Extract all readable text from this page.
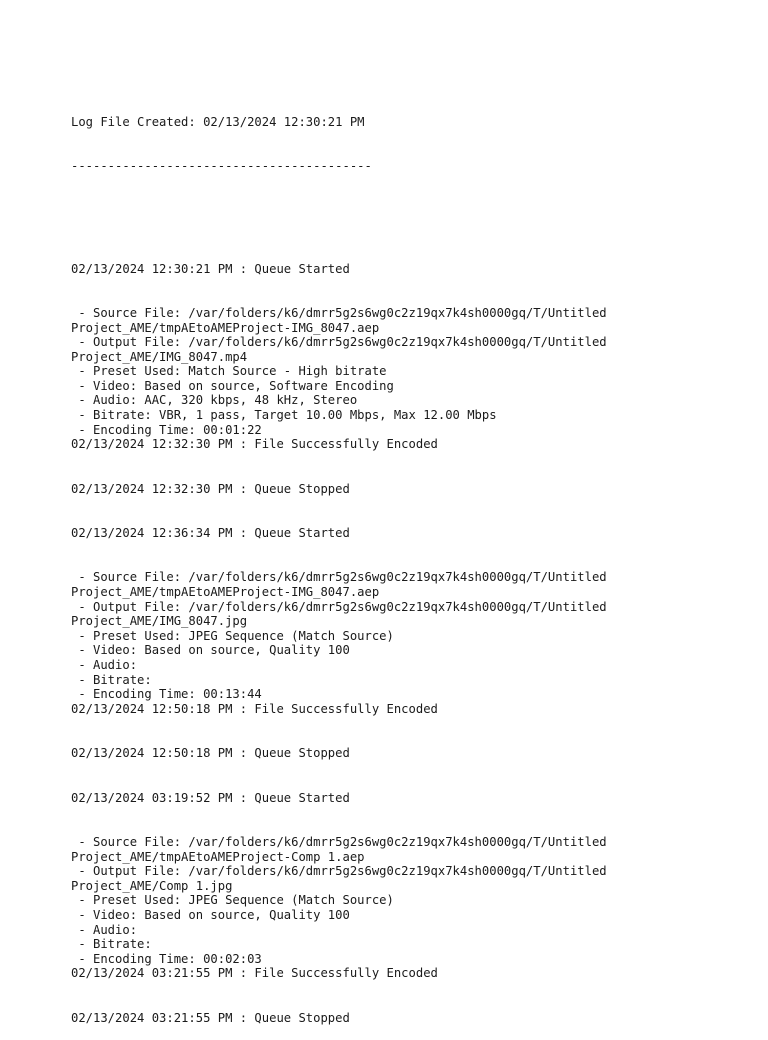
Log File Created: 02/13/2024 12:30:21 PM

-----------------------------------------

02/13/2024 12:30:21 PM : Queue Started
- Source File: /var/folders/k6/dmrr5g2s6wg0c2z19qx7k4sh0000gq/T/Untitled
Project_AME/tmpAEtoAMEProject-IMG_8047.aep
- Output File: /var/folders/k6/dmrr5g2s6wg0c2z19qx7k4sh0000gq/T/Untitled
Project_AME/IMG_8047.mp4
- Preset Used: Match Source - High bitrate
- Video: Based on source, Software Encoding
- Audio: AAC, 320 kbps, 48 kHz, Stereo
- Bitrate: VBR, 1 pass, Target 10.00 Mbps, Max 12.00 Mbps
- Encoding Time: 00:01:22
02/13/2024 12:32:30 PM : File Successfully Encoded
02/13/2024 12:32:30 PM : Queue Stopped
02/13/2024 12:36:34 PM : Queue Started
- Source File: /var/folders/k6/dmrr5g2s6wg0c2z19qx7k4sh0000gq/T/Untitled
Project_AME/tmpAEtoAMEProject-IMG_8047.aep
- Output File: /var/folders/k6/dmrr5g2s6wg0c2z19qx7k4sh0000gq/T/Untitled
Project_AME/IMG_8047.jpg
- Preset Used: JPEG Sequence (Match Source)
- Video: Based on source, Quality 100
- Audio:
- Bitrate:
- Encoding Time: 00:13:44
02/13/2024 12:50:18 PM : File Successfully Encoded
02/13/2024 12:50:18 PM : Queue Stopped
02/13/2024 03:19:52 PM : Queue Started
- Source File: /var/folders/k6/dmrr5g2s6wg0c2z19qx7k4sh0000gq/T/Untitled
Project_AME/tmpAEtoAMEProject-Comp 1.aep
- Output File: /var/folders/k6/dmrr5g2s6wg0c2z19qx7k4sh0000gq/T/Untitled
Project_AME/Comp 1.jpg
- Preset Used: JPEG Sequence (Match Source)
- Video: Based on source, Quality 100
- Audio:
- Bitrate:
- Encoding Time: 00:02:03
02/13/2024 03:21:55 PM : File Successfully Encoded
02/13/2024 03:21:55 PM : Queue Stopped
